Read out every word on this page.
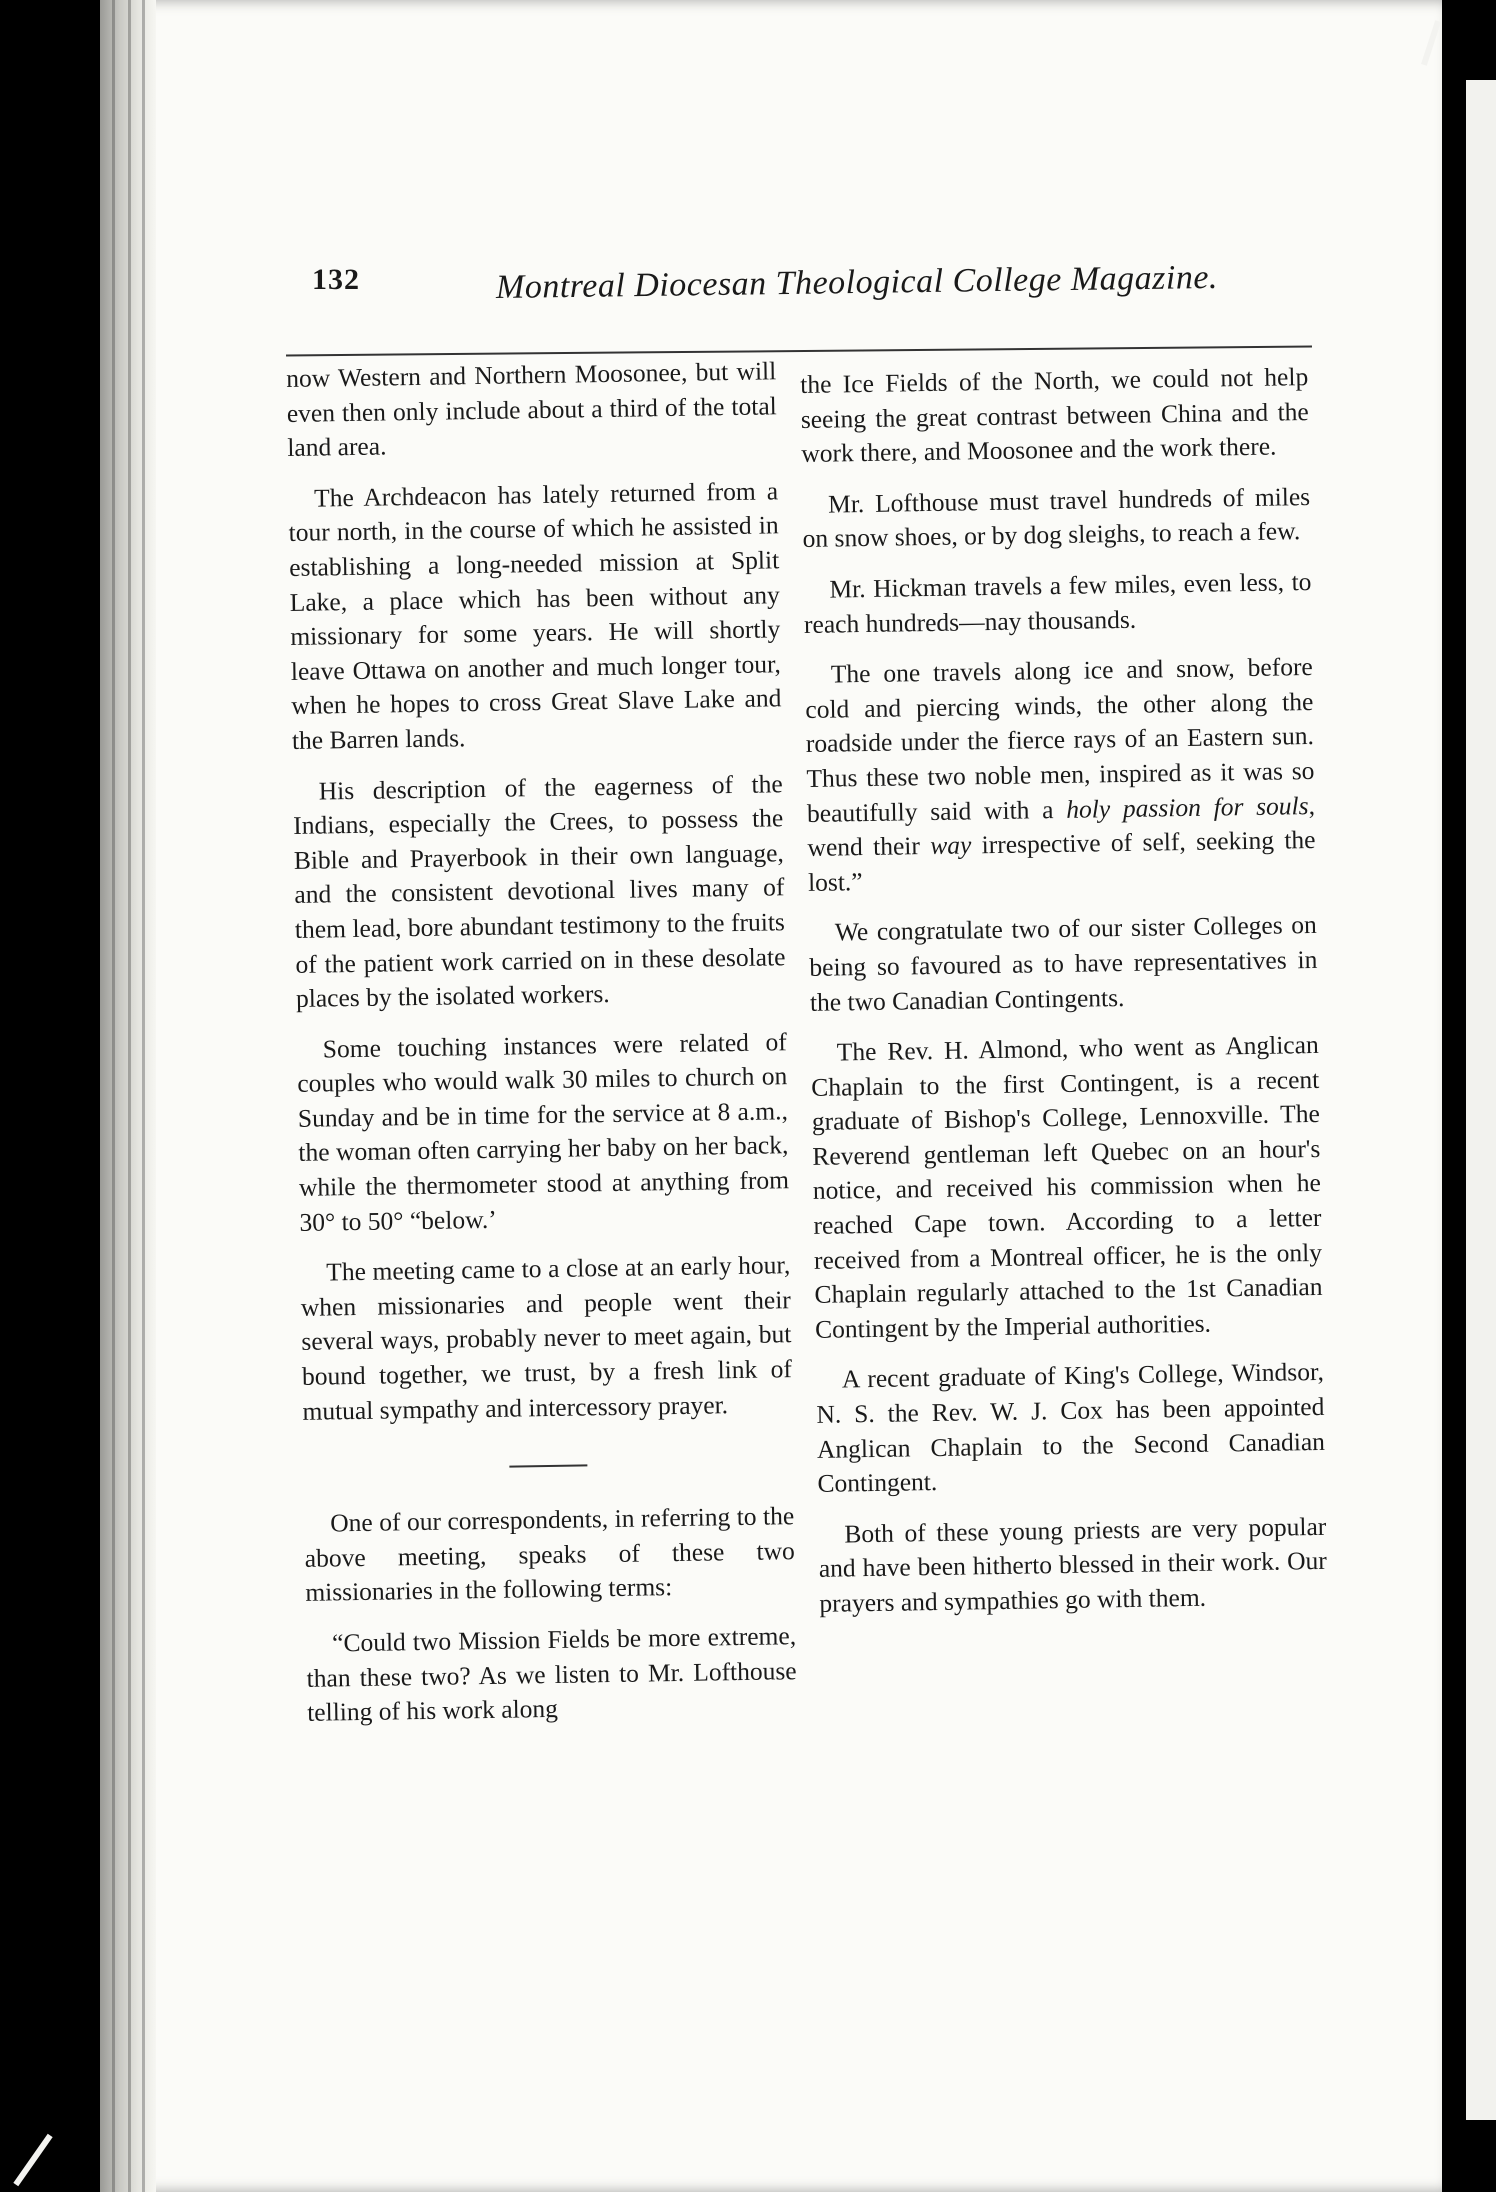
132	Montreal Diocesan Theological College Magazine.

now Western and Northern Moosonee, but will even then only include about a third of the total land area.

The Archdeacon has lately returned from a tour north, in the course of which he assisted in establishing a long-needed mission at Split Lake, a place which has been without any missionary for some years. He will shortly leave Ottawa on another and much longer tour, when he hopes to cross Great Slave Lake and the Barren lands.

His description of the eagerness of the Indians, especially the Crees, to possess the Bible and Prayerbook in their own language, and the consistent devotional lives many of them lead, bore abundant testimony to the fruits of the patient work carried on in these desolate places by the isolated workers.

Some touching instances were related of couples who would walk 30 miles to church on Sunday and be in time for the service at 8 a.m., the woman often carrying her baby on her back, while the thermometer stood at anything from 30° to 50° “below.’

The meeting came to a close at an early hour, when missionaries and people went their several ways, probably never to meet again, but bound together, we trust, by a fresh link of mutual sympathy and intercessory prayer.

One of our correspondents, in referring to the above meeting, speaks of these two missionaries in the following terms:

“Could two Mission Fields be more extreme, than these two? As we listen to Mr. Lofthouse telling of his work along

the Ice Fields of the North, we could not help seeing the great contrast between China and the work there, and Moosonee and the work there.

Mr. Lofthouse must travel hundreds of miles on snow shoes, or by dog sleighs, to reach a few.

Mr. Hickman travels a few miles, even less, to reach hundreds—nay thousands.

The one travels along ice and snow, before cold and piercing winds, the other along the roadside under the fierce rays of an Eastern sun. Thus these two noble men, inspired as it was so beautifully said with a holy passion for souls, wend their way irrespective of self, seeking the lost.”

We congratulate two of our sister Colleges on being so favoured as to have representatives in the two Canadian Contingents.

The Rev. H. Almond, who went as Anglican Chaplain to the first Contingent, is a recent graduate of Bishop's College, Lennoxville. The Reverend gentleman left Quebec on an hour's notice, and received his commission when he reached Cape town. According to a letter received from a Montreal officer, he is the only Chaplain regularly attached to the 1st Canadian Contingent by the Imperial authorities.

A recent graduate of King's College, Windsor, N. S. the Rev. W. J. Cox has been appointed Anglican Chaplain to the Second Canadian Contingent.

Both of these young priests are very popular and have been hitherto blessed in their work. Our prayers and sympathies go with them.
